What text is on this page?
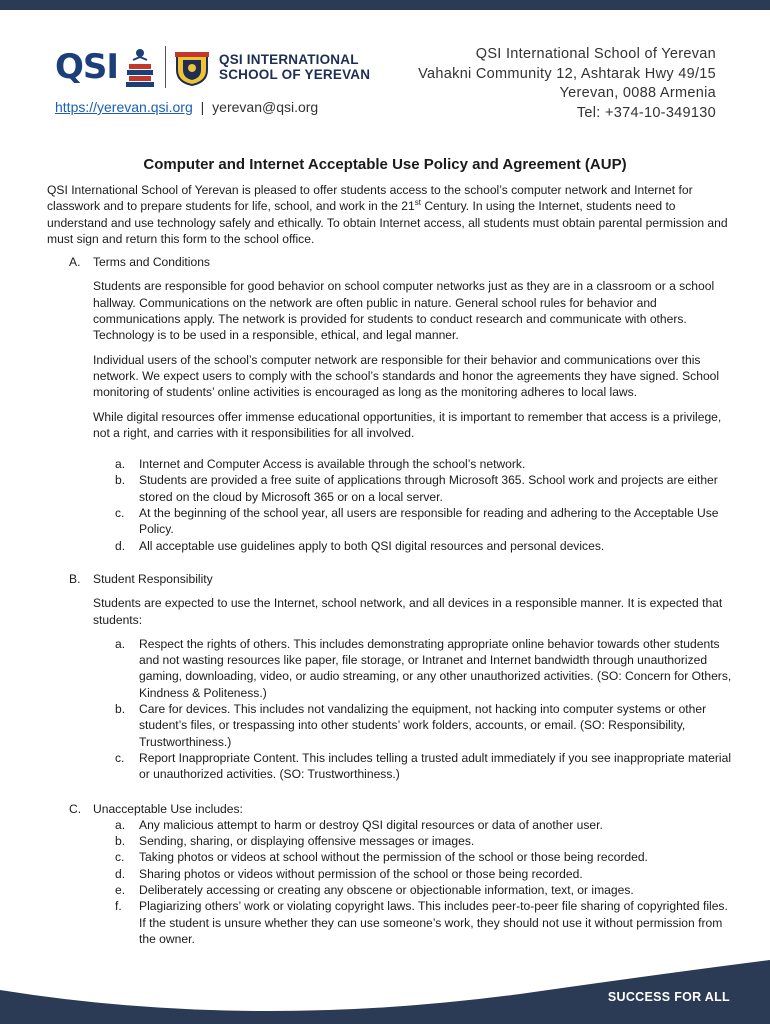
QSI	QSI INTERNATIONAL
SCHOOL OF YEREVAN
https://yerevan.qsi.org | yerevan@qsi.org
QSI International School of Yerevan
Vahakni Community 12, Ashtarak Hwy 49/15
Yerevan, 0088 Armenia
Tel: +374-10-349130
Computer and Internet Acceptable Use Policy and Agreement (AUP)

QSI International School of Yerevan is pleased to offer students access to the school’s computer network and Internet for classwork and to prepare students for life, school, and work in the 21st Century. In using the Internet, students need to understand and use technology safely and ethically. To obtain Internet access, all students must obtain parental permission and must sign and return this form to the school office.

A.	Terms and Conditions

Students are responsible for good behavior on school computer networks just as they are in a classroom or a school hallway. Communications on the network are often public in nature. General school rules for behavior and communications apply. The network is provided for students to conduct research and communicate with others. Technology is to be used in a responsible, ethical, and legal manner.

Individual users of the school’s computer network are responsible for their behavior and communications over this network. We expect users to comply with the school’s standards and honor the agreements they have signed. School monitoring of students’ online activities is encouraged as long as the monitoring adheres to local laws.

While digital resources offer immense educational opportunities, it is important to remember that access is a privilege, not a right, and carries with it responsibilities for all involved.

a.	Internet and Computer Access is available through the school’s network.
b.	Students are provided a free suite of applications through Microsoft 365. School work and projects are either stored on the cloud by Microsoft 365 or on a local server.
c.	At the beginning of the school year, all users are responsible for reading and adhering to the Acceptable Use Policy.
d.	All acceptable use guidelines apply to both QSI digital resources and personal devices.
B.	Student Responsibility

Students are expected to use the Internet, school network, and all devices in a responsible manner. It is expected that students:

a.	Respect the rights of others. This includes demonstrating appropriate online behavior towards other students and not wasting resources like paper, file storage, or Intranet and Internet bandwidth through unauthorized gaming, downloading, video, or audio streaming, or any other unauthorized activities. (SO: Concern for Others, Kindness & Politeness.)
b.	Care for devices. This includes not vandalizing the equipment, not hacking into computer systems or other student’s files, or trespassing into other students’ work folders, accounts, or email. (SO: Responsibility, Trustworthiness.)
c.	Report Inappropriate Content. This includes telling a trusted adult immediately if you see inappropriate material or unauthorized activities. (SO: Trustworthiness.)
C. Unacceptable Use includes:
a.	Any malicious attempt to harm or destroy QSI digital resources or data of another user.
b.	Sending, sharing, or displaying offensive messages or images.
c.	Taking photos or videos at school without the permission of the school or those being recorded.
d.	Sharing photos or videos without permission of the school or those being recorded.
e.	Deliberately accessing or creating any obscene or objectionable information, text, or images.
f.	Plagiarizing others’ work or violating copyright laws. This includes peer-to-peer file sharing of copyrighted files. If the student is unsure whether they can use someone’s work, they should not use it without permission from the owner.
SUCCESS FOR ALL
